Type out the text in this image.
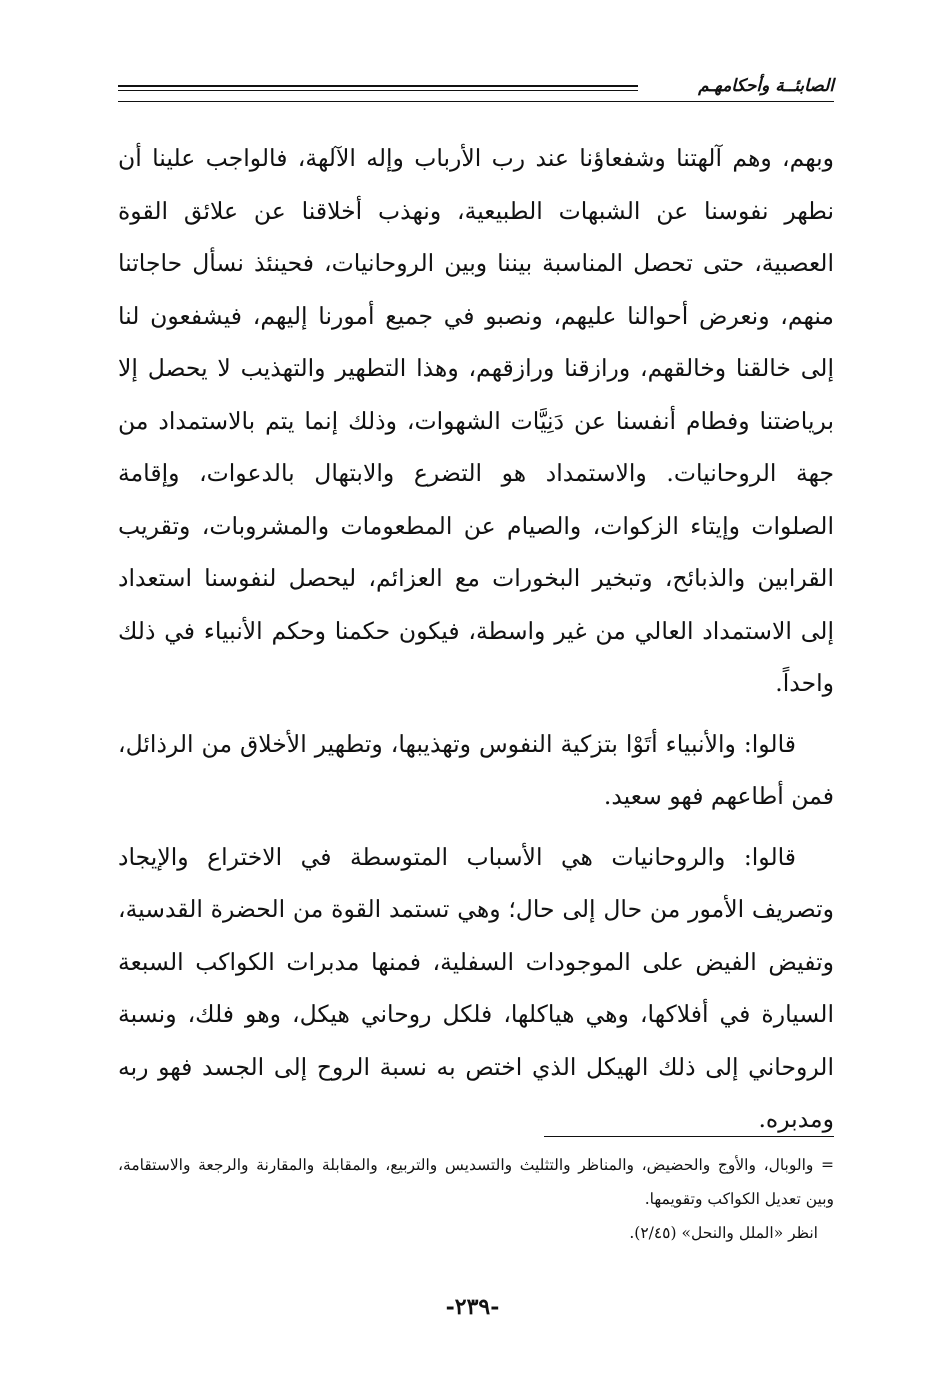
الصابئــة وأحكامهـم

وبهم، وهم آلهتنا وشفعاؤنا عند رب الأرباب وإله الآلهة، فالواجب علينا أن نطهر نفوسنا عن الشبهات الطبيعية، ونهذب أخلاقنا عن علائق القوة العصبية، حتى تحصل المناسبة بيننا وبين الروحانيات، فحينئذ نسأل حاجاتنا منهم، ونعرض أحوالنا عليهم، ونصبو في جميع أمورنا إليهم، فيشفعون لنا إلى خالقنا وخالقهم، ورازقنا ورازقهم، وهذا التطهير والتهذيب لا يحصل إلا برياضتنا وفطام أنفسنا عن دَنِيَّات الشهوات، وذلك إنما يتم بالاستمداد من جهة الروحانيات. والاستمداد هو التضرع والابتهال بالدعوات، وإقامة الصلوات وإيتاء الزكوات، والصيام عن المطعومات والمشروبات، وتقريب القرابين والذبائح، وتبخير البخورات مع العزائم، ليحصل لنفوسنا استعداد إلى الاستمداد العالي من غير واسطة، فيكون حكمنا وحكم الأنبياء في ذلك واحداً.

قالوا: والأنبياء أتَوْا بتزكية النفوس وتهذيبها، وتطهير الأخلاق من الرذائل، فمن أطاعهم فهو سعيد.

قالوا: والروحانيات هي الأسباب المتوسطة في الاختراع والإيجاد وتصريف الأمور من حال إلى حال؛ وهي تستمد القوة من الحضرة القدسية، وتفيض الفيض على الموجودات السفلية، فمنها مدبرات الكواكب السبعة السيارة في أفلاكها، وهي هياكلها، فلكل روحاني هيكل، وهو فلك، ونسبة الروحاني إلى ذلك الهيكل الذي اختص به نسبة الروح إلى الجسد فهو ربه ومدبره.

= والوبال، والأوج والحضيض، والمناظر والتثليث والتسديس والتربيع، والمقابلة والمقارنة والرجعة والاستقامة، وبين تعديل الكواكب وتقويمها.

انظر «الملل والنحل» (٢/٤٥).

-٢٣٩-
